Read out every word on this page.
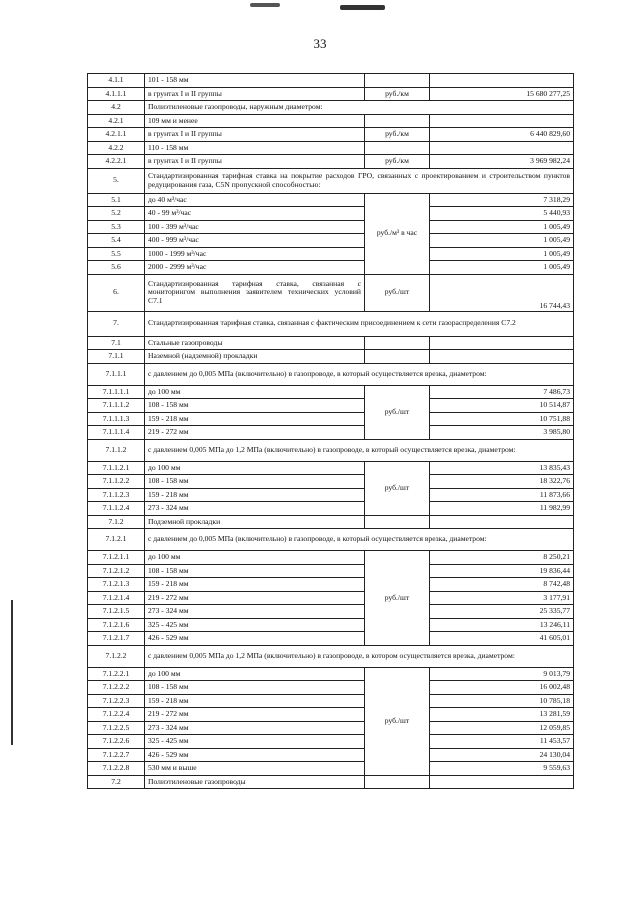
33
4.1.1	101 - 158 мм		
4.1.1.1	в грунтах I и II группы	руб./км	15 680 277,25
4.2	Полиэтиленовые газопроводы, наружным диаметром:		
4.2.1	109 мм и менее		
4.2.1.1	в грунтах I и II группы	руб./км	6 440 829,60
4.2.2	110 - 158 мм		
4.2.2.1	в грунтах I и II группы	руб./км	3 969 982,24
5.	Стандартизированная тарифная ставка на покрытие расходов ГРО, связанных с проектированием и строительством пунктов редуцирования газа, C5N пропускной способностью:		
5.1	до 40 м³/час	руб./м³ в час	7 318,29
5.2	40 - 99 м³/час		5 440,93
5.3	100 - 399 м³/час		1 005,49
5.4	400 - 999 м³/час		1 005,49
5.5	1000 - 1999 м³/час		1 005,49
5.6	2000 - 2999 м³/час		1 005,49
6.	Стандартизированная тарифная ставка, связанная с мониторингом выполнения заявителем технических условий C7.1	руб./шт	16 744,43
7.	Стандартизированная тарифная ставка, связанная с фактическим присоединением к сети газораспределения C7.2		
7.1	Стальные газопроводы		
7.1.1	Наземной (надземной) прокладки		
7.1.1.1	с давлением до 0,005 МПа (включительно) в газопроводе, в который осуществляется врезка, диаметром:		
7.1.1.1.1	до 100 мм	руб./шт	7 486,73
7.1.1.1.2	108 - 158 мм		10 514,87
7.1.1.1.3	159 - 218 мм		10 751,88
7.1.1.1.4	219 - 272 мм		3 985,80
7.1.1.2	с давлением 0,005 МПа до 1,2 МПа (включительно) в газопроводе, в который осуществляется врезка, диаметром:		
7.1.1.2.1	до 100 мм	руб./шт	13 835,43
7.1.1.2.2	108 - 158 мм		18 322,76
7.1.1.2.3	159 - 218 мм		11 873,66
7.1.1.2.4	273 - 324 мм		11 982,99
7.1.2	Подземной прокладки		
7.1.2.1	с давлением до 0,005 МПа (включительно) в газопроводе, в который осуществляется врезка, диаметром:		
7.1.2.1.1	до 100 мм	руб./шт	8 250,21
7.1.2.1.2	108 - 158 мм		19 836,44
7.1.2.1.3	159 - 218 мм		8 742,48
7.1.2.1.4	219 - 272 мм		3 177,91
7.1.2.1.5	273 - 324 мм		25 335,77
7.1.2.1.6	325 - 425 мм		13 246,11
7.1.2.1.7	426 - 529 мм		41 605,01
7.1.2.2	с давлением 0,005 МПа до 1,2 МПа (включительно) в газопроводе, в котором осуществляется врезка, диаметром:		
7.1.2.2.1	до 100 мм	руб./шт	9 013,79
7.1.2.2.2	108 - 158 мм		16 002,48
7.1.2.2.3	159 - 218 мм		10 785,18
7.1.2.2.4	219 - 272 мм		13 281,59
7.1.2.2.5	273 - 324 мм		12 059,85
7.1.2.2.6	325 - 425 мм		11 453,57
7.1.2.2.7	426 - 529 мм		24 130,04
7.1.2.2.8	530 мм и выше		9 559,63
7.2	Полиэтиленовые газопроводы		
